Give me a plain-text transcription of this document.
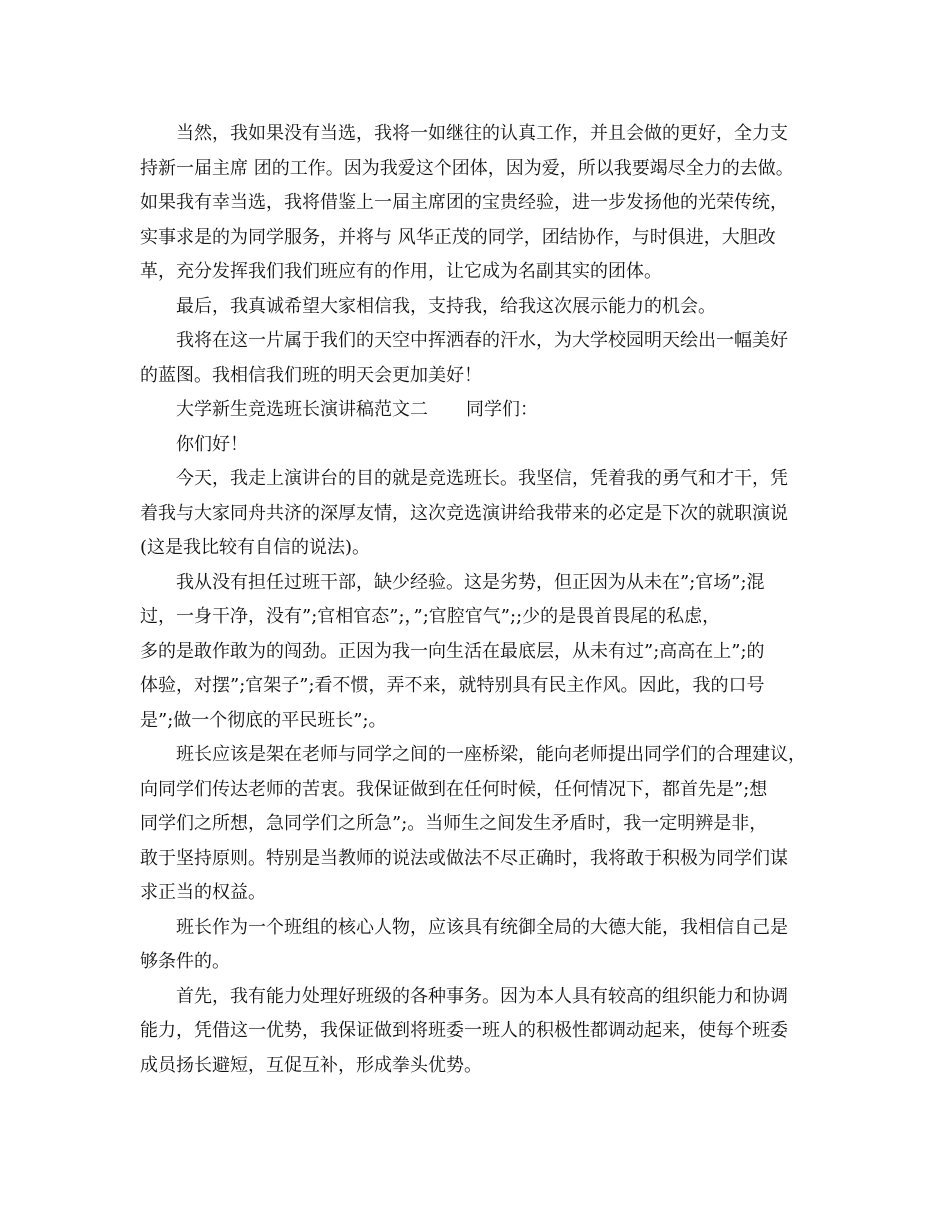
当然，我如果没有当选，我将一如继往的认真工作，并且会做的更好，全力支
持新一届主席 团的工作。因为我爱这个团体，因为爱，所以我要竭尽全力的去做。
如果我有幸当选，我将借鉴上一届主席团的宝贵经验，进一步发扬他的光荣传统，
实事求是的为同学服务，并将与 风华正茂的同学，团结协作，与时俱进，大胆改
革，充分发挥我们我们班应有的作用，让它成为名副其实的团体。
最后，我真诚希望大家相信我，支持我，给我这次展示能力的机会。
我将在这一片属于我们的天空中挥洒春的汗水，为大学校园明天绘出一幅美好
的蓝图。我相信我们班的明天会更加美好！
大学新生竞选班长演讲稿范文二 同学们：
你们好！
今天，我走上演讲台的目的就是竞选班长。我坚信，凭着我的勇气和才干，凭
着我与大家同舟共济的深厚友情，这次竞选演讲给我带来的必定是下次的就职演说
(这是我比较有自信的说法)。
我从没有担任过班干部，缺少经验。这是劣势，但正因为从未在”;官场”;混
过，一身干净，没有”;官相官态”;，”;官腔官气”;;少的是畏首畏尾的私虑，
多的是敢作敢为的闯劲。正因为我一向生活在最底层，从未有过”;高高在上”;的
体验，对摆”;官架子”;看不惯，弄不来，就特别具有民主作风。因此，我的口号
是”;做一个彻底的平民班长”;。
班长应该是架在老师与同学之间的一座桥梁，能向老师提出同学们的合理建议，
向同学们传达老师的苦衷。我保证做到在任何时候，任何情况下，都首先是”;想
同学们之所想，急同学们之所急”;。当师生之间发生矛盾时，我一定明辨是非，
敢于坚持原则。特别是当教师的说法或做法不尽正确时，我将敢于积极为同学们谋
求正当的权益。
班长作为一个班组的核心人物，应该具有统御全局的大德大能，我相信自己是
够条件的。
首先，我有能力处理好班级的各种事务。因为本人具有较高的组织能力和协调
能力，凭借这一优势，我保证做到将班委一班人的积极性都调动起来，使每个班委
成员扬长避短，互促互补，形成拳头优势。
